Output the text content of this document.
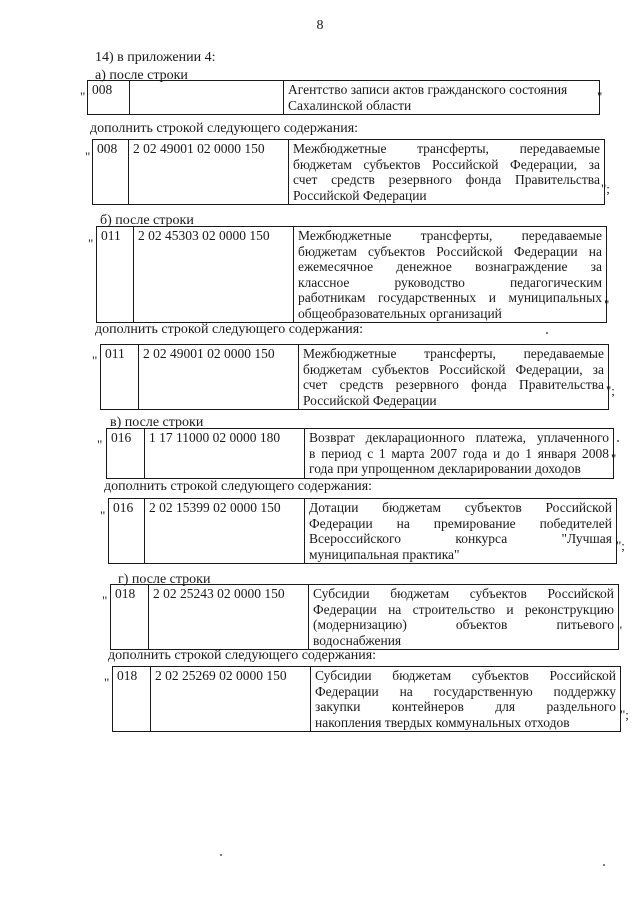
8
14) в приложении 4:
а) после строки
" 008		Агентство записи актов гражданского состояния
Сахалинской области
"
дополнить строкой следующего содержания:
"
008	2 02 49001 02 0000 150	Межбюджетные трансферты, передаваемые
бюджетам субъектов Российской Федерации, за
счет средств резервного фонда Правительства
Российской Федерации	";
б) после строки
"
011	2 02 45303 02 0000 150	Межбюджетные трансферты, передаваемые
бюджетам субъектов Российской Федерации на
ежемесячное денежное вознаграждение за
классное руководство педагогическим
работникам государственных и муниципальных
общеобразовательных организаций
"
дополнить строкой следующего содержания:
" 011	2 02 49001 02 0000 150	Межбюджетные трансферты, передаваемые
бюджетам субъектов Российской Федерации, за
счет средств резервного фонда Правительства
Российской Федерации
";
в) после строки
" 016	1 17 11000 02 0000 180	Возврат декларационного платежа, уплаченного
в период с 1 марта 2007 года и до 1 января 2008
года при упрощенном декларировании доходов
"
дополнить строкой следующего содержания:
"
016	2 02 15399 02 0000 150	Дотации бюджетам субъектов Российской
Федерации на премирование победителей
Всероссийского конкурса "Лучшая
муниципальная практика"
";
г) после строки
" 018	2 02 25243 02 0000 150	Субсидии бюджетам субъектов Российской
Федерации на строительство и реконструкцию
(модернизацию) объектов питьевого
водоснабжения
"
дополнить строкой следующего содержания:
" 018	2 02 25269 02 0000 150	Субсидии бюджетам субъектов Российской
Федерации на государственную поддержку
закупки контейнеров для раздельного
накопления твердых коммунальных отходов	";
